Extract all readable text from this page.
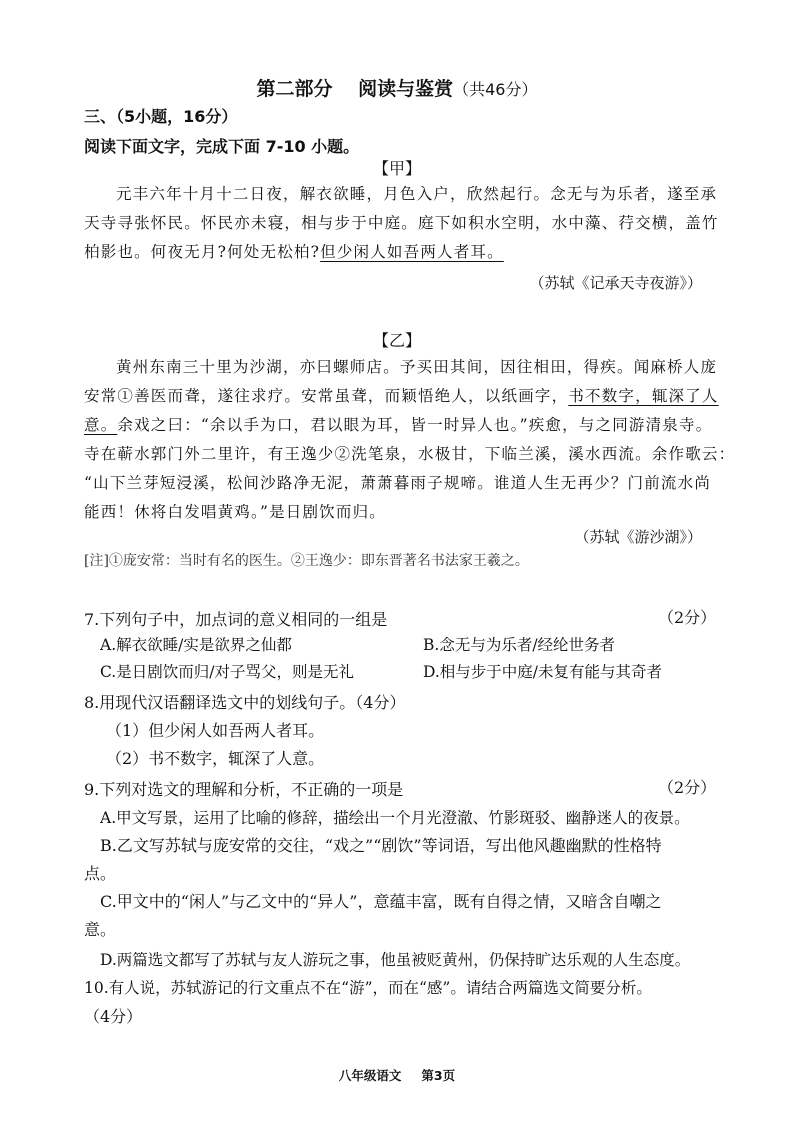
第二部分　 阅读与鉴赏（共46分）
三、（5小题，16分）
阅读下面文字，完成下面 7-10 小题。
【甲】
元丰六年十月十二日夜，解衣欲睡，月色入户，欣然起行。念无与为乐者，遂至承
天寺寻张怀民。怀民亦未寝，相与步于中庭。庭下如积水空明，水中藻、荇交横，盖竹
柏影也。何夜无月?何处无松柏?但少闲人如吾两人者耳。
（苏轼《记承天寺夜游》）
【乙】
黄州东南三十里为沙湖，亦曰螺师店。予买田其间，因往相田，得疾。闻麻桥人庞
安常①善医而聋，遂往求疗。安常虽聋，而颖悟绝人，以纸画字，书不数字，辄深了人
意。余戏之曰：“余以手为口，君以眼为耳，皆一时异人也。”疾愈，与之同游清泉寺。
寺在蕲水郭门外二里许，有王逸少②洗笔泉，水极甘，下临兰溪，溪水西流。余作歌云：
“山下兰芽短浸溪，松间沙路净无泥，萧萧暮雨子规啼。谁道人生无再少？门前流水尚
能西！休将白发唱黄鸡。”是日剧饮而归。
（苏轼《游沙湖》）
[注]①庞安常：当时有名的医生。②王逸少：即东晋著名书法家王羲之。
7.下列句子中，加点词的意义相同的一组是	（2分）
A.解衣欲睡/实是欲界之仙都	B.念无与为乐者/经纶世务者
C.是日剧饮而归/对子骂父，则是无礼	D.相与步于中庭/未复有能与其奇者
8.用现代汉语翻译选文中的划线句子。（4分）
（1）但少闲人如吾两人者耳。
（2）书不数字，辄深了人意。
9.下列对选文的理解和分析，不正确的一项是	（2分）
A.甲文写景，运用了比喻的修辞，描绘出一个月光澄澈、竹影斑驳、幽静迷人的夜景。
B.乙文写苏轼与庞安常的交往，“戏之”“剧饮”等词语，写出他风趣幽默的性格特
点。
C.甲文中的“闲人”与乙文中的“异人”，意蕴丰富，既有自得之情，又暗含自嘲之
意。
D.两篇选文都写了苏轼与友人游玩之事，他虽被贬黄州，仍保持旷达乐观的人生态度。
10.有人说，苏轼游记的行文重点不在“游”，而在“感”。请结合两篇选文简要分析。
（4分）
八年级语文 第3页
